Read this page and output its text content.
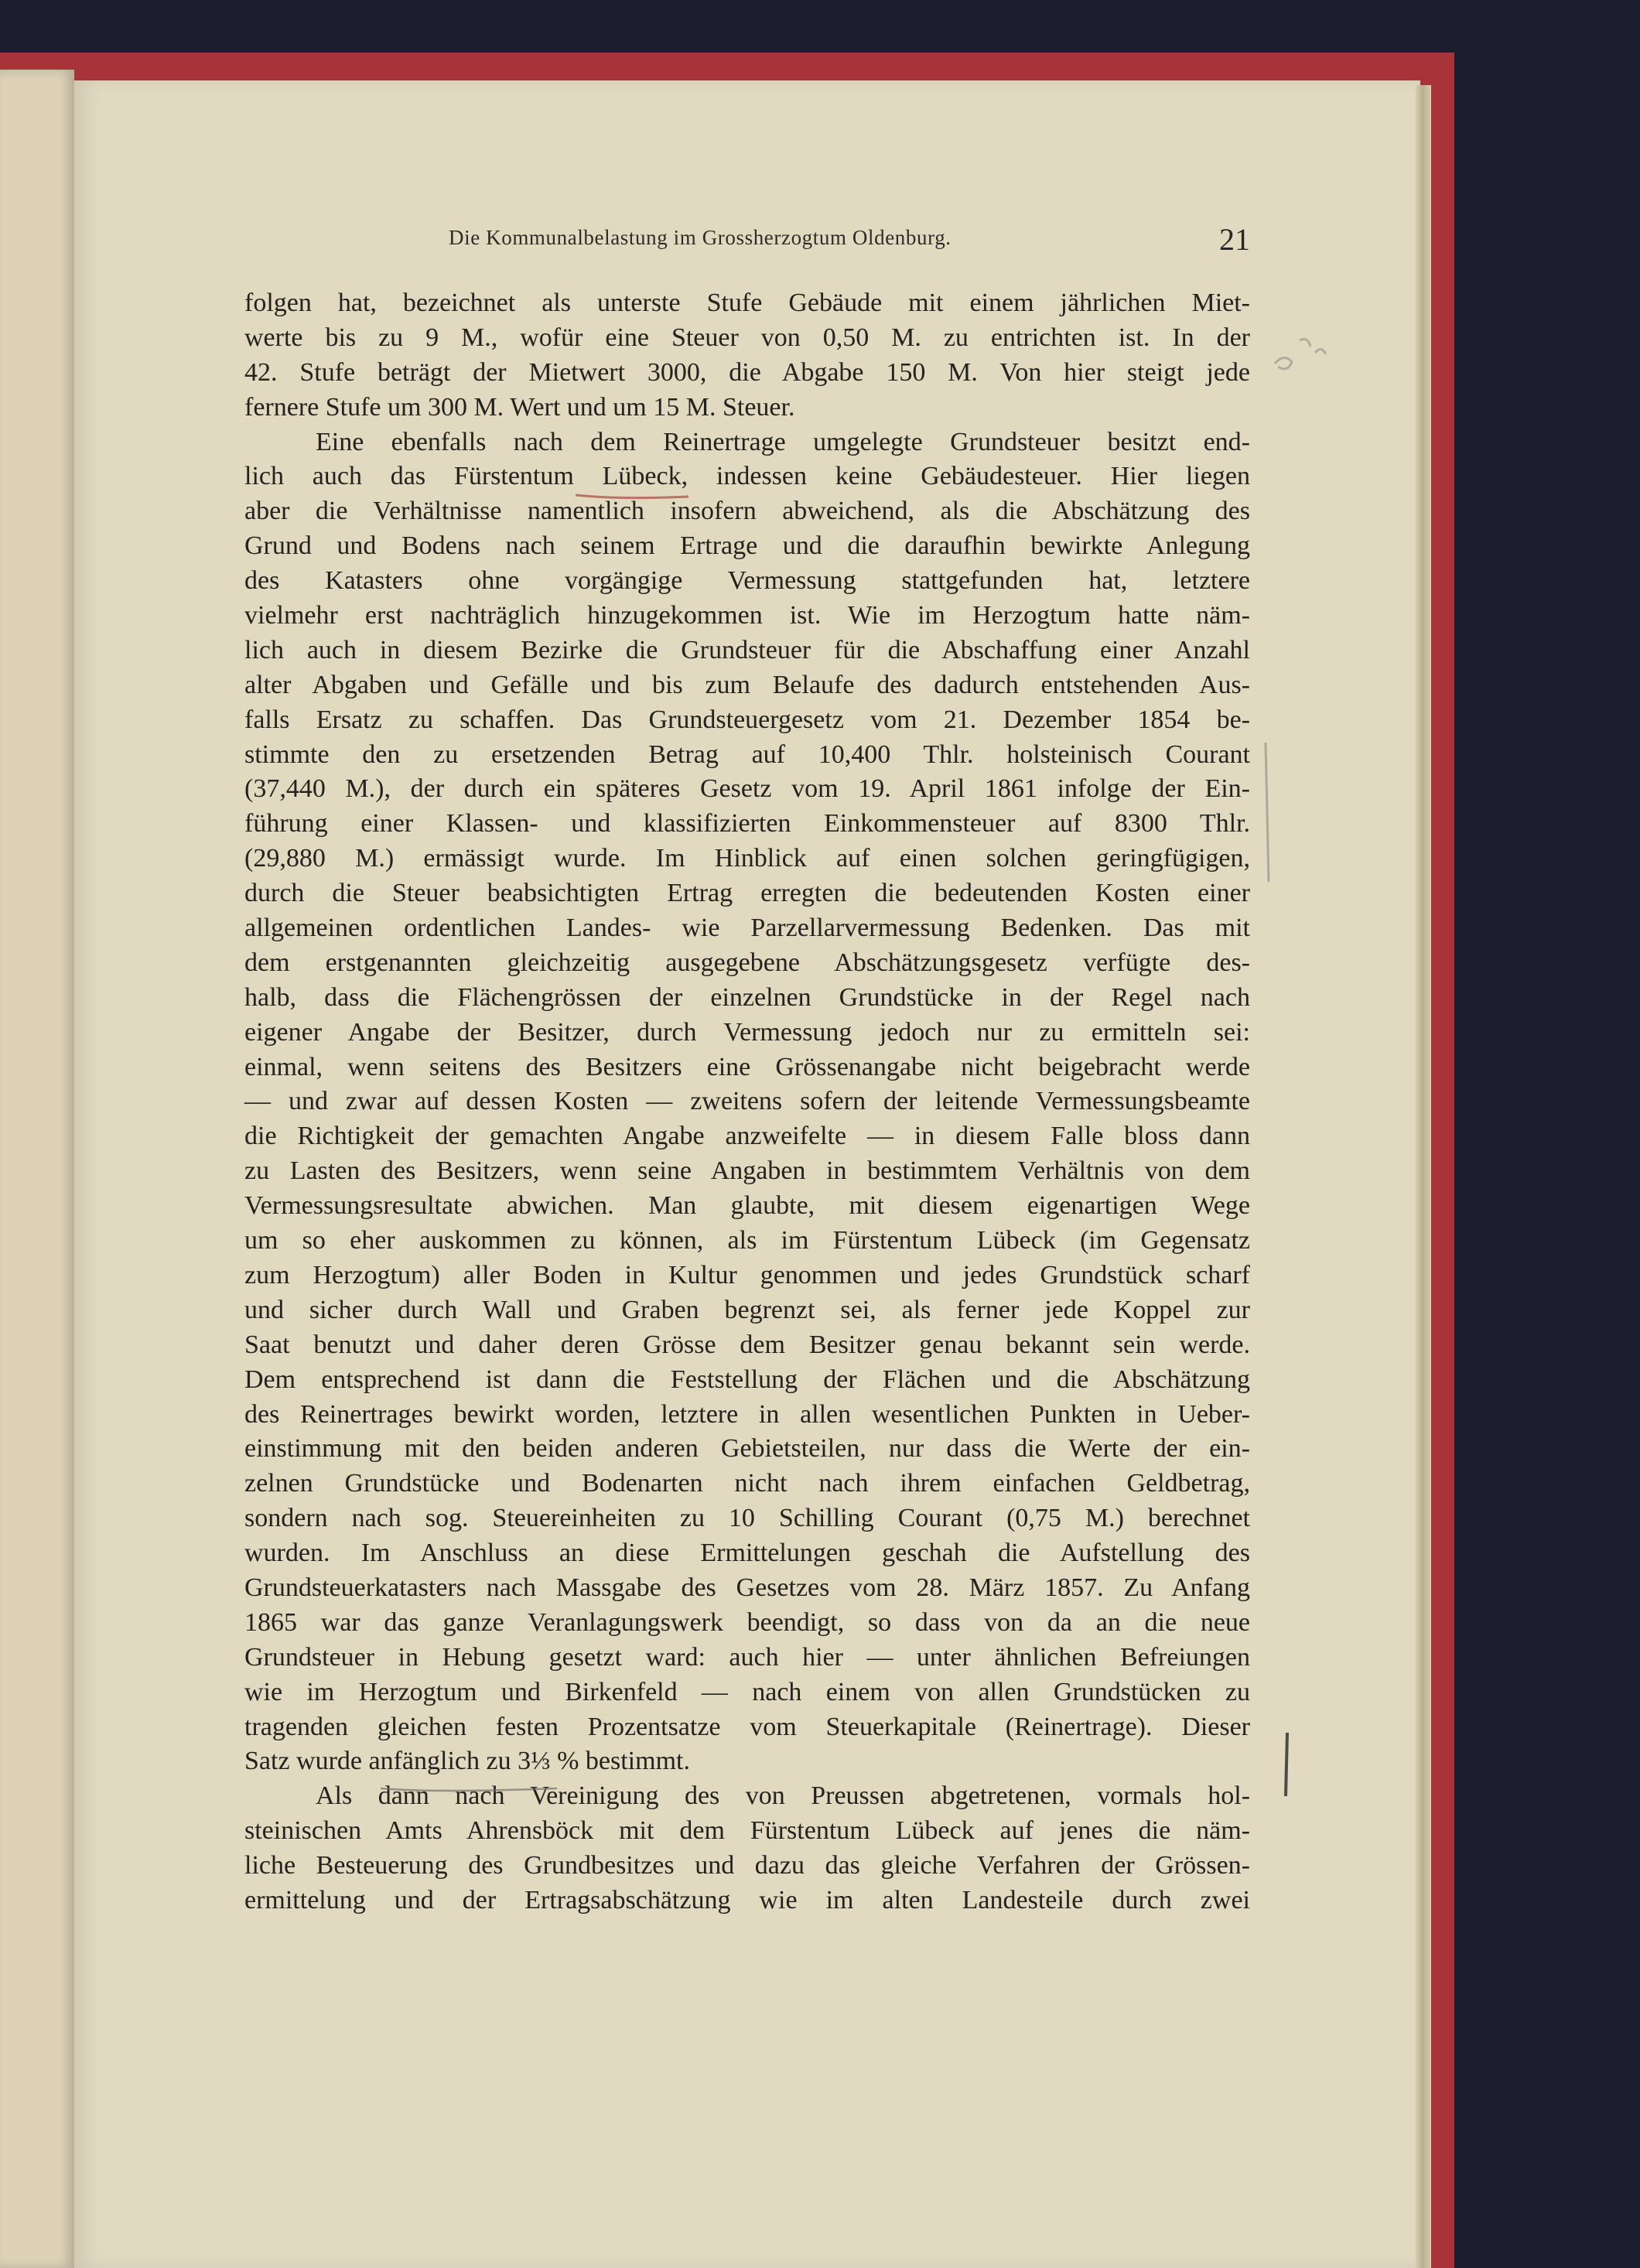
Die Kommunalbelastung im Grossherzogtum Oldenburg.	21
folgen hat, bezeichnet als unterste Stufe Gebäude mit einem jährlichen Miet-
werte bis zu 9 M., wofür eine Steuer von 0,50 M. zu entrichten ist. In der
42. Stufe beträgt der Mietwert 3000, die Abgabe 150 M. Von hier steigt jede
fernere Stufe um 300 M. Wert und um 15 M. Steuer.
Eine ebenfalls nach dem Reinertrage umgelegte Grundsteuer besitzt end-
lich auch das Fürstentum Lübeck, indessen keine Gebäudesteuer. Hier liegen
aber die Verhältnisse namentlich insofern abweichend, als die Abschätzung des
Grund und Bodens nach seinem Ertrage und die daraufhin bewirkte Anlegung
des Katasters ohne vorgängige Vermessung stattgefunden hat, letztere
vielmehr erst nachträglich hinzugekommen ist. Wie im Herzogtum hatte näm-
lich auch in diesem Bezirke die Grundsteuer für die Abschaffung einer Anzahl
alter Abgaben und Gefälle und bis zum Belaufe des dadurch entstehenden Aus-
falls Ersatz zu schaffen. Das Grundsteuergesetz vom 21. Dezember 1854 be-
stimmte den zu ersetzenden Betrag auf 10,400 Thlr. holsteinisch Courant
(37,440 M.), der durch ein späteres Gesetz vom 19. April 1861 infolge der Ein-
führung einer Klassen- und klassifizierten Einkommensteuer auf 8300 Thlr.
(29,880 M.) ermässigt wurde. Im Hinblick auf einen solchen geringfügigen,
durch die Steuer beabsichtigten Ertrag erregten die bedeutenden Kosten einer
allgemeinen ordentlichen Landes- wie Parzellarvermessung Bedenken. Das mit
dem erstgenannten gleichzeitig ausgegebene Abschätzungsgesetz verfügte des-
halb, dass die Flächengrössen der einzelnen Grundstücke in der Regel nach
eigener Angabe der Besitzer, durch Vermessung jedoch nur zu ermitteln sei:
einmal, wenn seitens des Besitzers eine Grössenangabe nicht beigebracht werde
— und zwar auf dessen Kosten — zweitens sofern der leitende Vermessungsbeamte
die Richtigkeit der gemachten Angabe anzweifelte — in diesem Falle bloss dann
zu Lasten des Besitzers, wenn seine Angaben in bestimmtem Verhältnis von dem
Vermessungsresultate abwichen. Man glaubte, mit diesem eigenartigen Wege
um so eher auskommen zu können, als im Fürstentum Lübeck (im Gegensatz
zum Herzogtum) aller Boden in Kultur genommen und jedes Grundstück scharf
und sicher durch Wall und Graben begrenzt sei, als ferner jede Koppel zur
Saat benutzt und daher deren Grösse dem Besitzer genau bekannt sein werde.
Dem entsprechend ist dann die Feststellung der Flächen und die Abschätzung
des Reinertrages bewirkt worden, letztere in allen wesentlichen Punkten in Ueber-
einstimmung mit den beiden anderen Gebietsteilen, nur dass die Werte der ein-
zelnen Grundstücke und Bodenarten nicht nach ihrem einfachen Geldbetrag,
sondern nach sog. Steuereinheiten zu 10 Schilling Courant (0,75 M.) berechnet
wurden. Im Anschluss an diese Ermittelungen geschah die Aufstellung des
Grundsteuerkatasters nach Massgabe des Gesetzes vom 28. März 1857. Zu Anfang
1865 war das ganze Veranlagungswerk beendigt, so dass von da an die neue
Grundsteuer in Hebung gesetzt ward: auch hier — unter ähnlichen Befreiungen
wie im Herzogtum und Birkenfeld — nach einem von allen Grundstücken zu
tragenden gleichen festen Prozentsatze vom Steuerkapitale (Reinertrage). Dieser
Satz wurde anfänglich zu 3⅓ % bestimmt.
Als dann nach Vereinigung des von Preussen abgetretenen, vormals hol-
steinischen Amts Ahrensböck mit dem Fürstentum Lübeck auf jenes die näm-
liche Besteuerung des Grundbesitzes und dazu das gleiche Verfahren der Grössen-
ermittelung und der Ertragsabschätzung wie im alten Landesteile durch zwei
